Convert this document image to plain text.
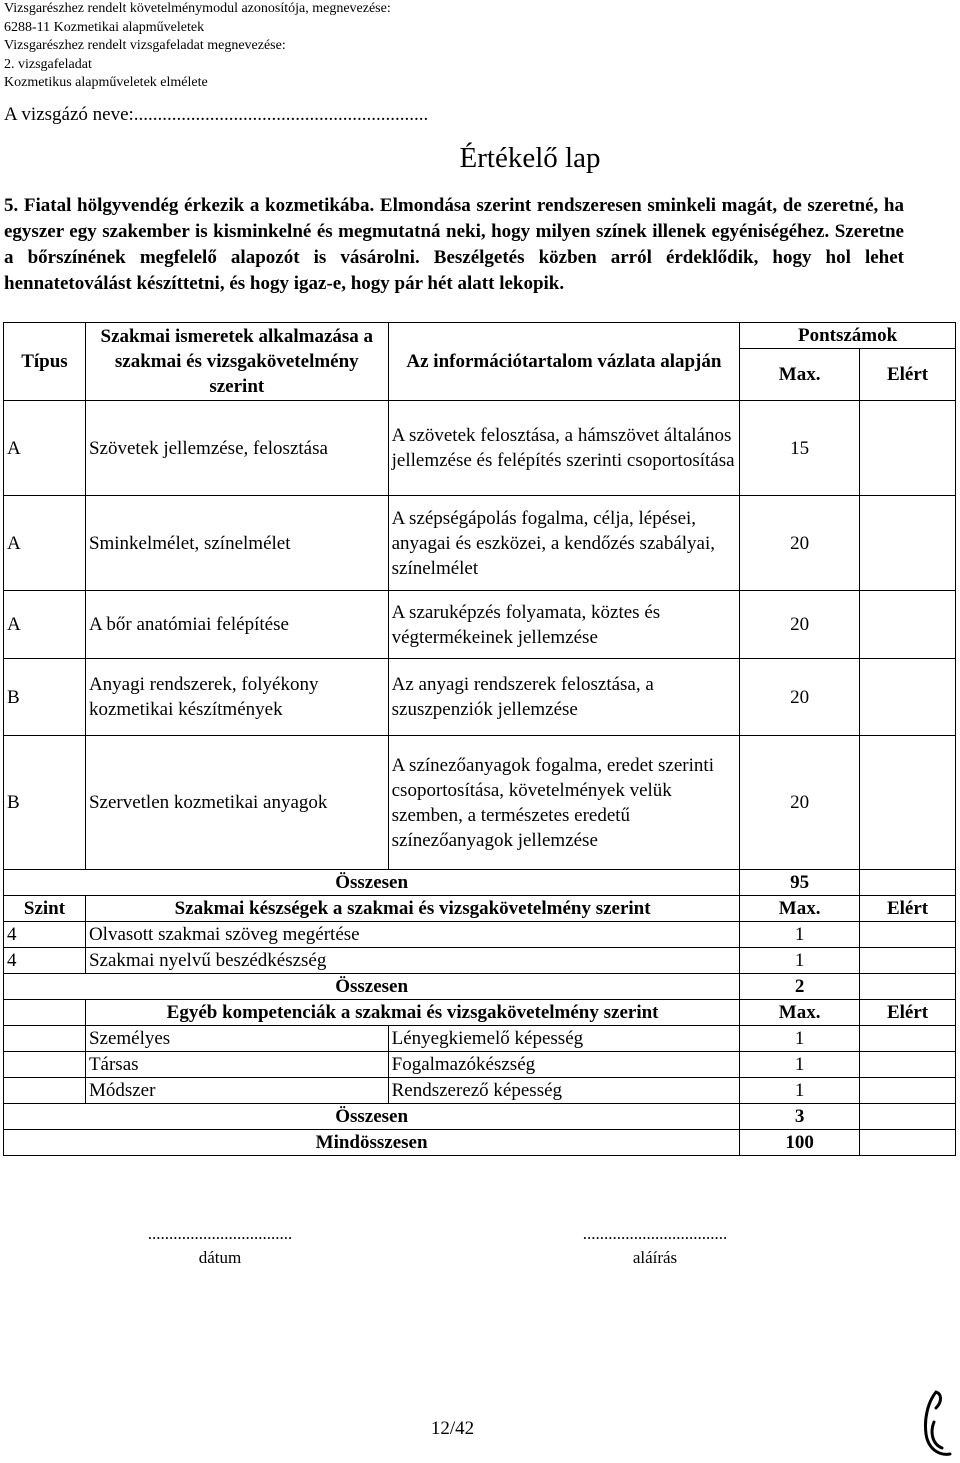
Vizsgarészhez rendelt követelménymodul azonosítója, megnevezése:
6288-11 Kozmetikai alapműveletek
Vizsgarészhez rendelt vizsgafeladat megnevezése:
2. vizsgafeladat
Kozmetikus alapműveletek elmélete
A vizsgázó neve:..............................................................
Értékelő lap
5. Fiatal hölgyvendég érkezik a kozmetikába. Elmondása szerint rendszeresen sminkeli magát, de szeretné, ha egyszer egy szakember is kisminkelné és megmutatná neki, hogy milyen színek illenek egyéniségéhez. Szeretne a bőrszínének megfelelő alapozót is vásárolni. Beszélgetés közben arról érdeklődik, hogy hol lehet hennatetoválást készíttetni, és hogy igaz-e, hogy pár hét alatt lekopik.
Típus	Szakmai ismeretek alkalmazása a szakmai és vizsgakövetelmény szerint	Az információtartalom vázlata alapján	Pontszámok	
			Max.	Elért
A	Szövetek jellemzése, felosztása	A szövetek felosztása, a hámszövet általános jellemzése és felépítés szerinti csoportosítása	15	
A	Sminkelmélet, színelmélet	A szépségápolás fogalma, célja, lépései, anyagai és eszközei, a kendőzés szabályai, színelmélet	20	
A	A bőr anatómiai felépítése	A szaruképzés folyamata, köztes és végtermékeinek jellemzése	20	
B	Anyagi rendszerek, folyékony kozmetikai készítmények	Az anyagi rendszerek felosztása, a szuszpenziók jellemzése	20	
B	Szervetlen kozmetikai anyagok	A színezőanyagok fogalma, eredet szerinti csoportosítása, követelmények velük szemben, a természetes eredetű színezőanyagok jellemzése	20	
Összesen			95	
Szint	Szakmai készségek a szakmai és vizsgakövetelmény szerint		Max.	Elért
4	Olvasott szakmai szöveg megértése		1	
4	Szakmai nyelvű beszédkészség		1	
Összesen			2	
	Egyéb kompetenciák a szakmai és vizsgakövetelmény szerint		Max.	Elért
	Személyes	Lényegkiemelő képesség	1	
	Társas	Fogalmazókészség	1	
	Módszer	Rendszerező képesség	1	
Összesen			3	
Mindösszesen			100	
..................................
dátum
..................................
aláírás
12/42
